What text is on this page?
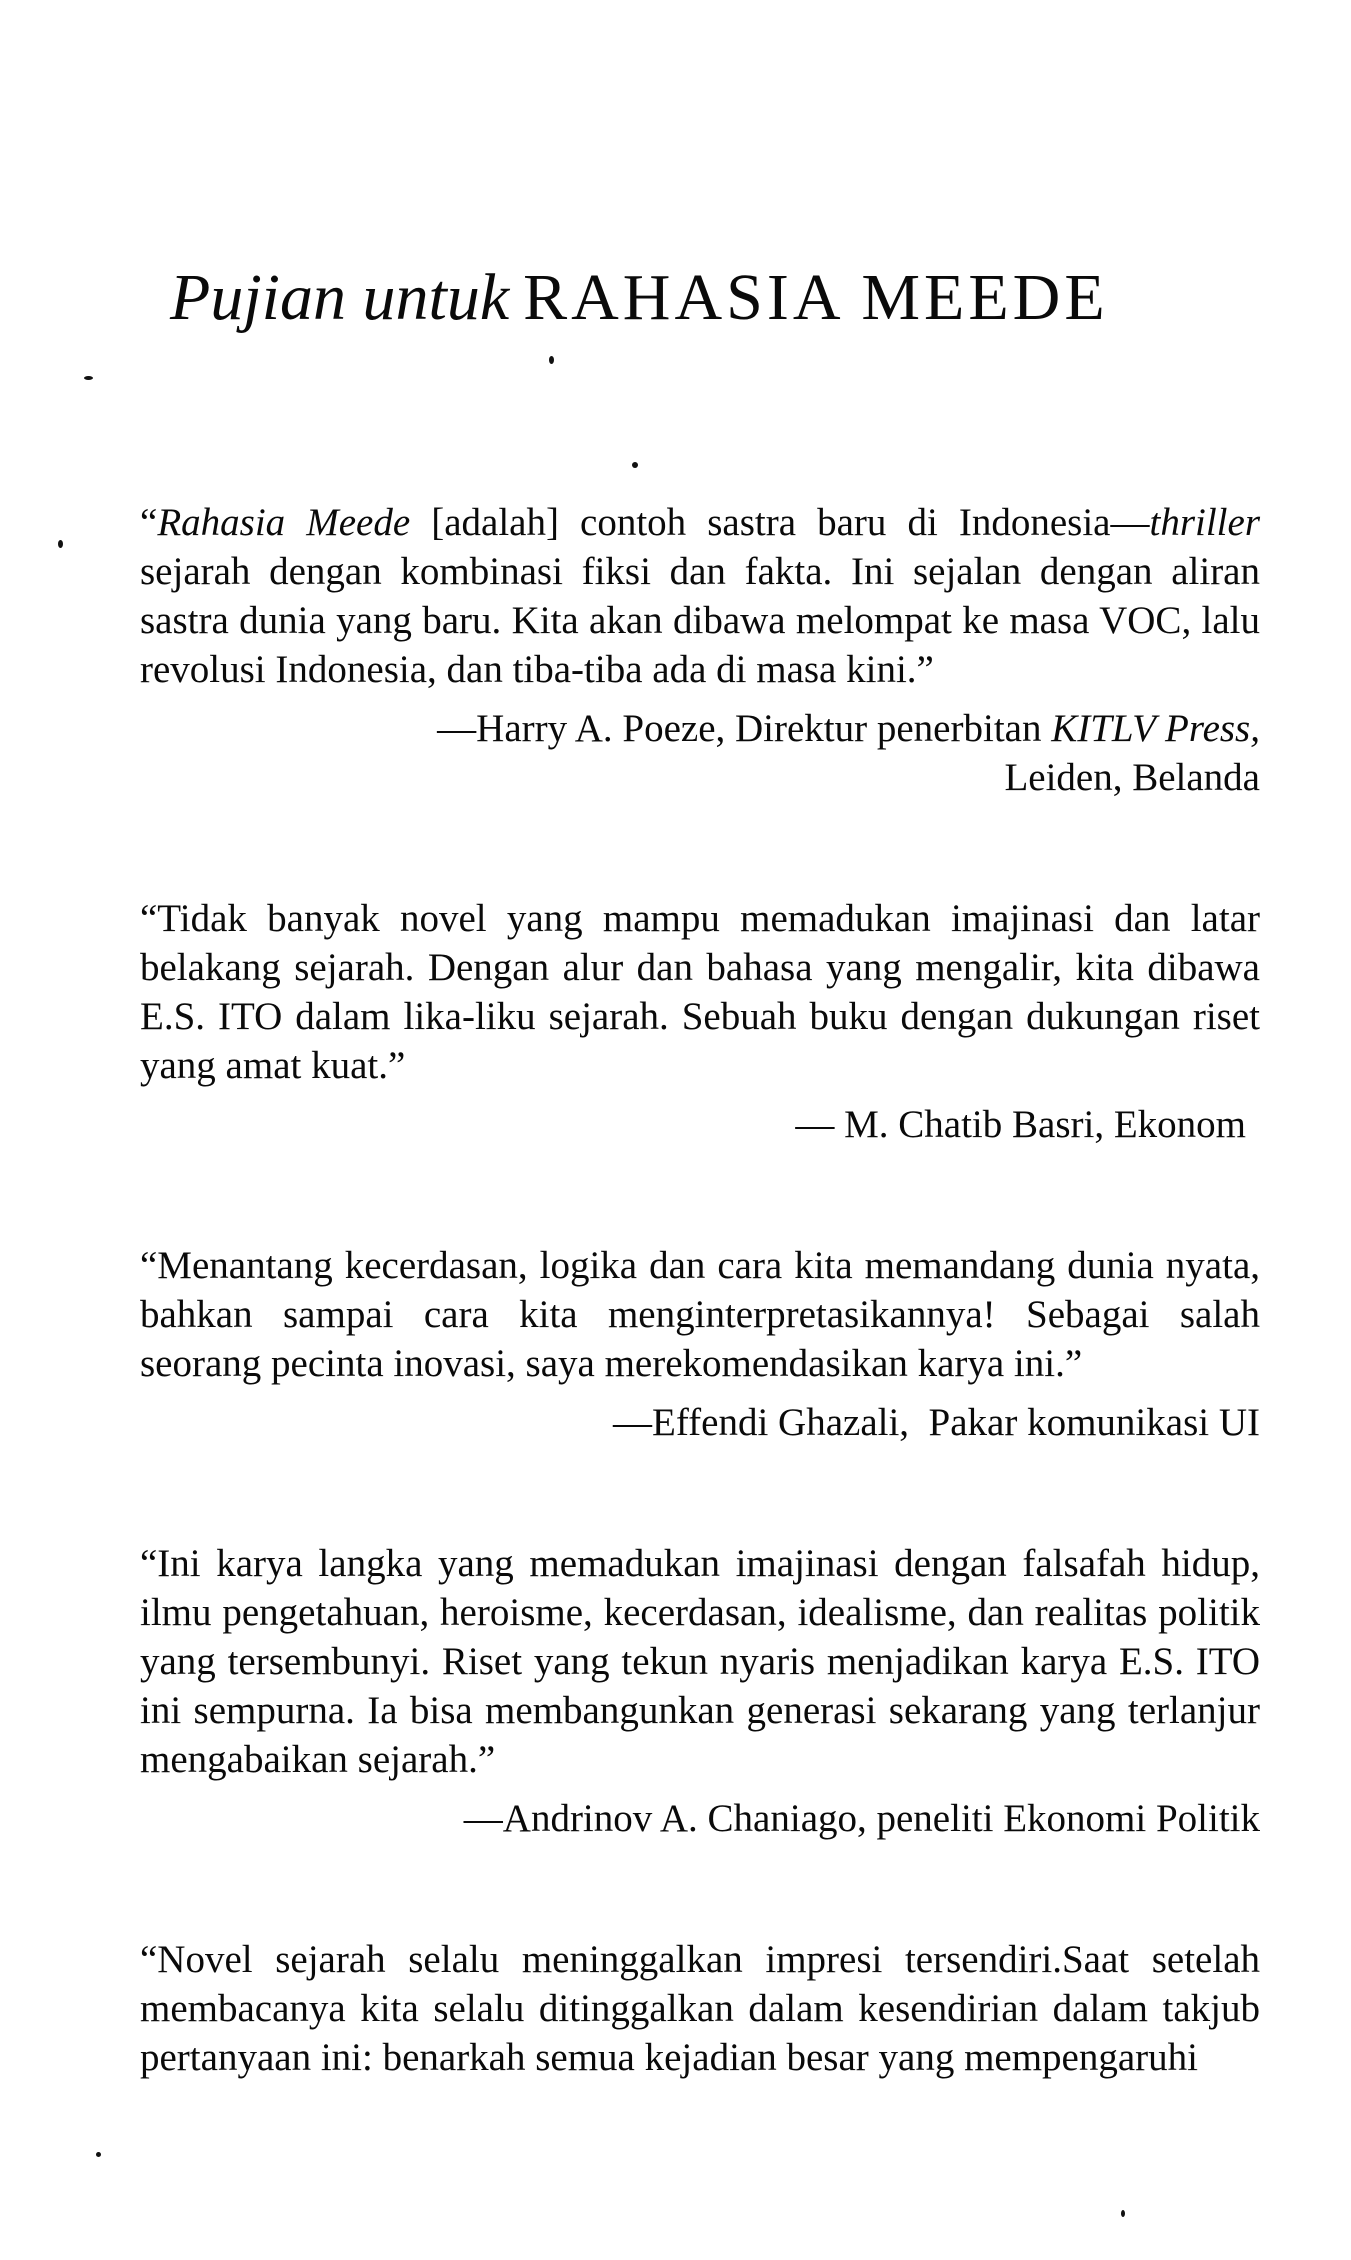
Pujian untuk RAHASIA MEEDE

“Rahasia Meede [adalah] contoh sastra baru di Indonesia—thriller sejarah dengan kombinasi fiksi dan fakta. Ini sejalan dengan aliran sastra dunia yang baru. Kita akan dibawa melompat ke masa VOC, lalu revolusi Indonesia, dan tiba-tiba ada di masa kini.”

—Harry A. Poeze, Direktur penerbitan KITLV Press,
Leiden, Belanda

“Tidak banyak novel yang mampu memadukan imajinasi dan latar belakang sejarah. Dengan alur dan bahasa yang mengalir, kita dibawa E.S. ITO dalam lika-liku sejarah. Sebuah buku dengan dukungan riset yang amat kuat.”

— M. Chatib Basri, Ekonom

“Menantang kecerdasan, logika dan cara kita memandang dunia nyata, bahkan sampai cara kita menginterpretasikannya! Sebagai salah seorang pecinta inovasi, saya merekomendasikan karya ini.”

—Effendi Ghazali,  Pakar komunikasi UI

“Ini karya langka yang memadukan imajinasi dengan falsafah hidup, ilmu pengetahuan, heroisme, kecerdasan, idealisme, dan realitas politik yang tersembunyi. Riset yang tekun nyaris menjadikan karya E.S. ITO  ini sempurna. Ia bisa membangunkan generasi sekarang yang terlanjur  mengabaikan sejarah.”

—Andrinov A. Chaniago, peneliti Ekonomi Politik

“Novel sejarah selalu meninggalkan impresi tersendiri.Saat setelah membacanya kita selalu ditinggalkan dalam kesendirian dalam takjub pertanyaan ini: benarkah semua kejadian besar yang mempengaruhi
